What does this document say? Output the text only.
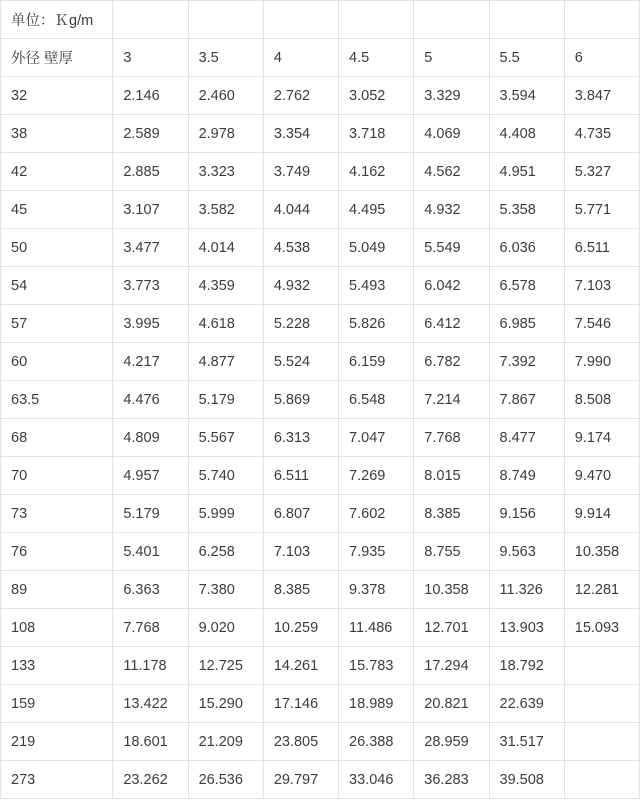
单位：Ｋg/m							
外径 壁厚	3	3.5	4	4.5	5	5.5	6
32	2.146	2.460	2.762	3.052	3.329	3.594	3.847
38	2.589	2.978	3.354	3.718	4.069	4.408	4.735
42	2.885	3.323	3.749	4.162	4.562	4.951	5.327
45	3.107	3.582	4.044	4.495	4.932	5.358	5.771
50	3.477	4.014	4.538	5.049	5.549	6.036	6.511
54	3.773	4.359	4.932	5.493	6.042	6.578	7.103
57	3.995	4.618	5.228	5.826	6.412	6.985	7.546
60	4.217	4.877	5.524	6.159	6.782	7.392	7.990
63.5	4.476	5.179	5.869	6.548	7.214	7.867	8.508
68	4.809	5.567	6.313	7.047	7.768	8.477	9.174
70	4.957	5.740	6.511	7.269	8.015	8.749	9.470
73	5.179	5.999	6.807	7.602	8.385	9.156	9.914
76	5.401	6.258	7.103	7.935	8.755	9.563	10.358
89	6.363	7.380	8.385	9.378	10.358	11.326	12.281
108	7.768	9.020	10.259	11.486	12.701	13.903	15.093
133	11.178	12.725	14.261	15.783	17.294	18.792	
159	13.422	15.290	17.146	18.989	20.821	22.639	
219	18.601	21.209	23.805	26.388	28.959	31.517	
273	23.262	26.536	29.797	33.046	36.283	39.508	
